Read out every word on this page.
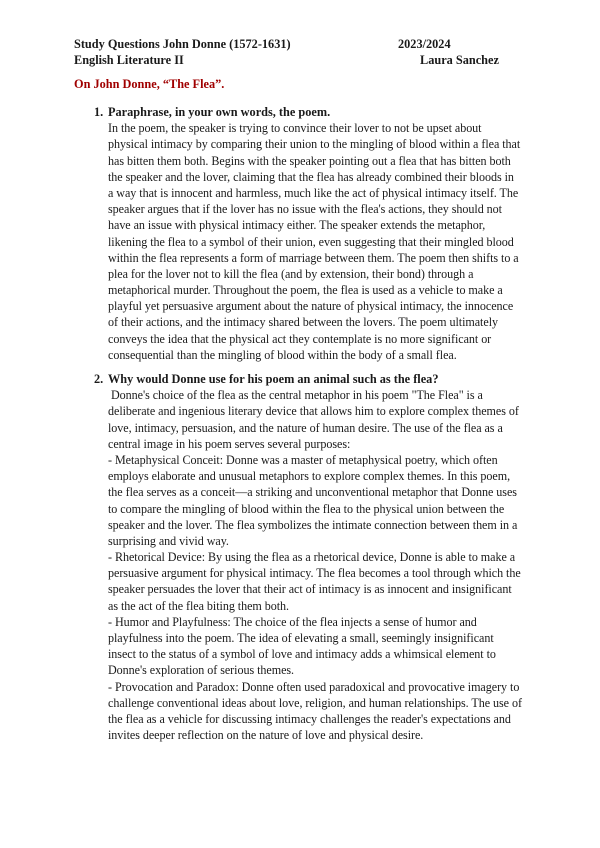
Study Questions John Donne (1572-1631)	2023/2024
English Literature II	Laura Sanchez
On John Donne, “The Flea”.
1. Paraphrase, in your own words, the poem.
In the poem, the speaker is trying to convince their lover to not be upset about
physical intimacy by comparing their union to the mingling of blood within a flea that
has bitten them both. Begins with the speaker pointing out a flea that has bitten both
the speaker and the lover, claiming that the flea has already combined their bloods in
a way that is innocent and harmless, much like the act of physical intimacy itself. The
speaker argues that if the lover has no issue with the flea's actions, they should not
have an issue with physical intimacy either. The speaker extends the metaphor,
likening the flea to a symbol of their union, even suggesting that their mingled blood
within the flea represents a form of marriage between them. The poem then shifts to a
plea for the lover not to kill the flea (and by extension, their bond) through a
metaphorical murder. Throughout the poem, the flea is used as a vehicle to make a
playful yet persuasive argument about the nature of physical intimacy, the innocence
of their actions, and the intimacy shared between the lovers. The poem ultimately
conveys the idea that the physical act they contemplate is no more significant or
consequential than the mingling of blood within the body of a small flea.
2. Why would Donne use for his poem an animal such as the flea?
Donne's choice of the flea as the central metaphor in his poem "The Flea" is a
deliberate and ingenious literary device that allows him to explore complex themes of
love, intimacy, persuasion, and the nature of human desire. The use of the flea as a
central image in his poem serves several purposes:
- Metaphysical Conceit: Donne was a master of metaphysical poetry, which often
employs elaborate and unusual metaphors to explore complex themes. In this poem,
the flea serves as a conceit—a striking and unconventional metaphor that Donne uses
to compare the mingling of blood within the flea to the physical union between the
speaker and the lover. The flea symbolizes the intimate connection between them in a
surprising and vivid way.
- Rhetorical Device: By using the flea as a rhetorical device, Donne is able to make a
persuasive argument for physical intimacy. The flea becomes a tool through which the
speaker persuades the lover that their act of intimacy is as innocent and insignificant
as the act of the flea biting them both.
- Humor and Playfulness: The choice of the flea injects a sense of humor and
playfulness into the poem. The idea of elevating a small, seemingly insignificant
insect to the status of a symbol of love and intimacy adds a whimsical element to
Donne's exploration of serious themes.
- Provocation and Paradox: Donne often used paradoxical and provocative imagery to
challenge conventional ideas about love, religion, and human relationships. The use of
the flea as a vehicle for discussing intimacy challenges the reader's expectations and
invites deeper reflection on the nature of love and physical desire.
